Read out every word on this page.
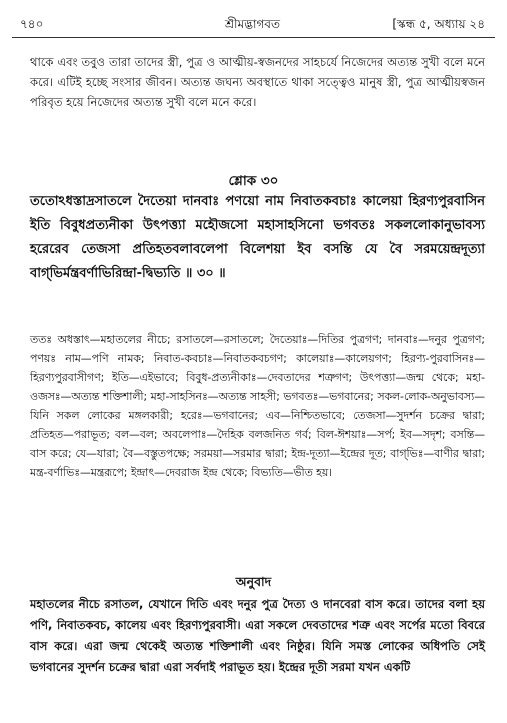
৭৪০	শ্রীমদ্ভাগবত	[স্কন্ধ ৫, অধ্যায় ২৪
থাকে এবং তবুও তারা তাদের স্ত্রী, পুত্র ও আত্মীয়-স্বজনদের সাহচর্যে নিজেদের অত্যন্ত সুখী বলে মনে করে। এটিই হচ্ছে সংসার জীবন। অত্যন্ত জঘন্য অবস্থাতে থাকা সত্ত্বেও মানুষ স্ত্রী, পুত্র আত্মীয়স্বজন পরিবৃত হয়ে নিজেদের অত্যন্ত সুখী বলে মনে করে।
শ্লোক ৩০
ততোঽধস্তাদ্রসাতলে দৈতেয়া দানবাঃ পণয়ো নাম নিবাতকবচাঃ কালেয়া হিরণ্যপুরবাসিন ইতি বিবুধপ্রত্যনীকা উৎপত্ত্যা মহৌজসো মহাসাহসিনো ভগবতঃ সকললোকানুভাবস্য হরেরেব তেজসা প্রতিহতবলাবলেপা বিলেশয়া ইব বসন্তি যে বৈ সরময়েন্দ্রদূত্যা বাগ্‌ভির্মন্ত্রবর্ণাভিরিন্দ্রা-দ্বিভ্যতি ॥ ৩০ ॥
ততঃ অধস্তাৎ—মহাতলের নীচে; রসাতলে—রসাতলে; দৈতেয়াঃ—দিতির পুত্রগণ; দানবাঃ—দনুর পুত্রগণ; পণয়ঃ নাম—পণি নামক; নিবাত-কবচাঃ—নিবাতকবচগণ; কালেয়াঃ—কালেয়গণ; হিরণ্য-পুরবাসিনঃ—হিরণ্যপুরবাসীগণ; ইতি—এইভাবে; বিবুধ-প্রত্যনীকাঃ—দেবতাদের শত্রুগণ; উৎপত্ত্যা—জন্ম থেকে; মহা-ওজসঃ—অত্যন্ত শক্তিশালী; মহা-সাহসিনঃ—অত্যন্ত সাহসী; ভগবতঃ—ভগবানের; সকল-লোক-অনুভাবস্য—যিনি সকল লোকের মঙ্গলকারী; হরেঃ—ভগবানের; এব—নিশ্চিতভাবে; তেজসা—সুদর্শন চক্রের দ্বারা; প্রতিহত—পরাভূত; বল—বল; অবলেপাঃ—দৈহিক বলজনিত গর্ব; বিল-ঈশয়াঃ—সর্প; ইব—সদৃশ; বসন্তি—বাস করে; যে—যারা; বৈ—বস্তুতপক্ষে; সরময়া—সরমার দ্বারা; ইন্দ্র-দূত্যা—ইন্দ্রের দূত; বাগ্‌ভিঃ—বাণীর দ্বারা; মন্ত্র-বর্ণাভিঃ—মন্ত্ররূপে; ইন্দ্রাৎ—দেবরাজ ইন্দ্র থেকে; বিভ্যতি—ভীত হয়।
অনুবাদ
মহাতলের নীচে রসাতল, যেখানে দিতি এবং দনুর পুত্র দৈত্য ও দানবেরা বাস করে। তাদের বলা হয় পণি, নিবাতকবচ, কালেয় এবং হিরণ্যপুরবাসী। এরা সকলে দেবতাদের শত্রু এবং সর্পের মতো বিবরে বাস করে। এরা জন্ম থেকেই অত্যন্ত শক্তিশালী এবং নিষ্ঠুর। যিনি সমস্ত লোকের অধিপতি সেই ভগবানের সুদর্শন চক্রের দ্বারা এরা সর্বদাই পরাভূত হয়। ইন্দ্রের দূতী সরমা যখন একটি
